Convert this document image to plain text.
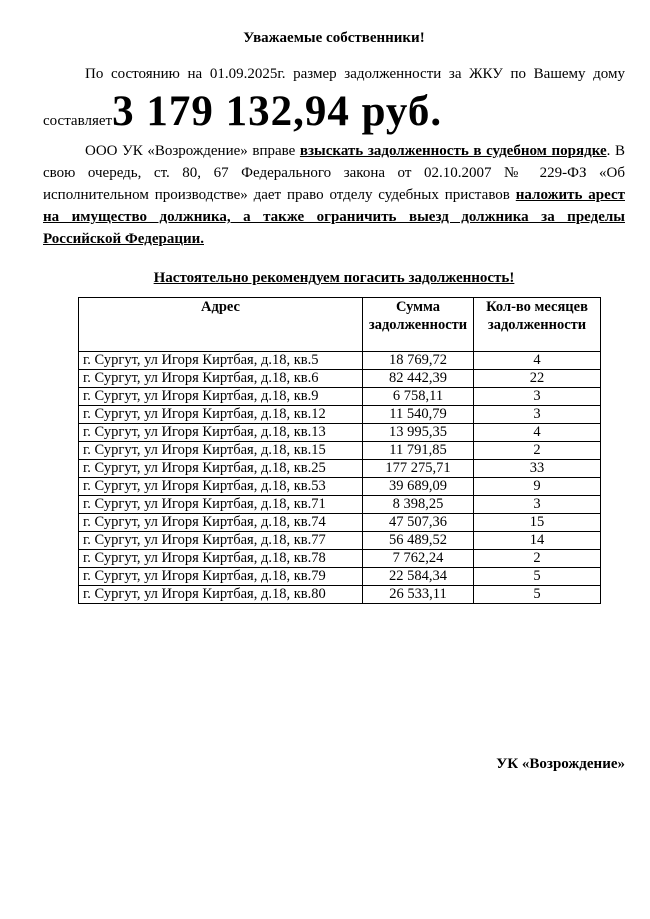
Уважаемые собственники!

По состоянию на 01.09.2025г. размер задолженности за ЖКУ по Вашему дому

составляет3 179 132,94 руб.

ООО УК «Возрождение» вправе взыскать задолженность в судебном порядке. В свою очередь, ст. 80, 67 Федерального закона от 02.10.2007 № 229-ФЗ «Об исполнительном производстве» дает право отделу судебных приставов наложить арест на имущество должника, а также ограничить выезд должника за пределы Российской Федерации.

Настоятельно рекомендуем погасить задолженность!

Адрес	Сумма задолженности	Кол-во месяцев задолженности
г. Сургут, ул Игоря Киртбая, д.18, кв.5	18 769,72	4
г. Сургут, ул Игоря Киртбая, д.18, кв.6	82 442,39	22
г. Сургут, ул Игоря Киртбая, д.18, кв.9	6 758,11	3
г. Сургут, ул Игоря Киртбая, д.18, кв.12	11 540,79	3
г. Сургут, ул Игоря Киртбая, д.18, кв.13	13 995,35	4
г. Сургут, ул Игоря Киртбая, д.18, кв.15	11 791,85	2
г. Сургут, ул Игоря Киртбая, д.18, кв.25	177 275,71	33
г. Сургут, ул Игоря Киртбая, д.18, кв.53	39 689,09	9
г. Сургут, ул Игоря Киртбая, д.18, кв.71	8 398,25	3
г. Сургут, ул Игоря Киртбая, д.18, кв.74	47 507,36	15
г. Сургут, ул Игоря Киртбая, д.18, кв.77	56 489,52	14
г. Сургут, ул Игоря Киртбая, д.18, кв.78	7 762,24	2
г. Сургут, ул Игоря Киртбая, д.18, кв.79	22 584,34	5
г. Сургут, ул Игоря Киртбая, д.18, кв.80	26 533,11	5

УК «Возрождение»
